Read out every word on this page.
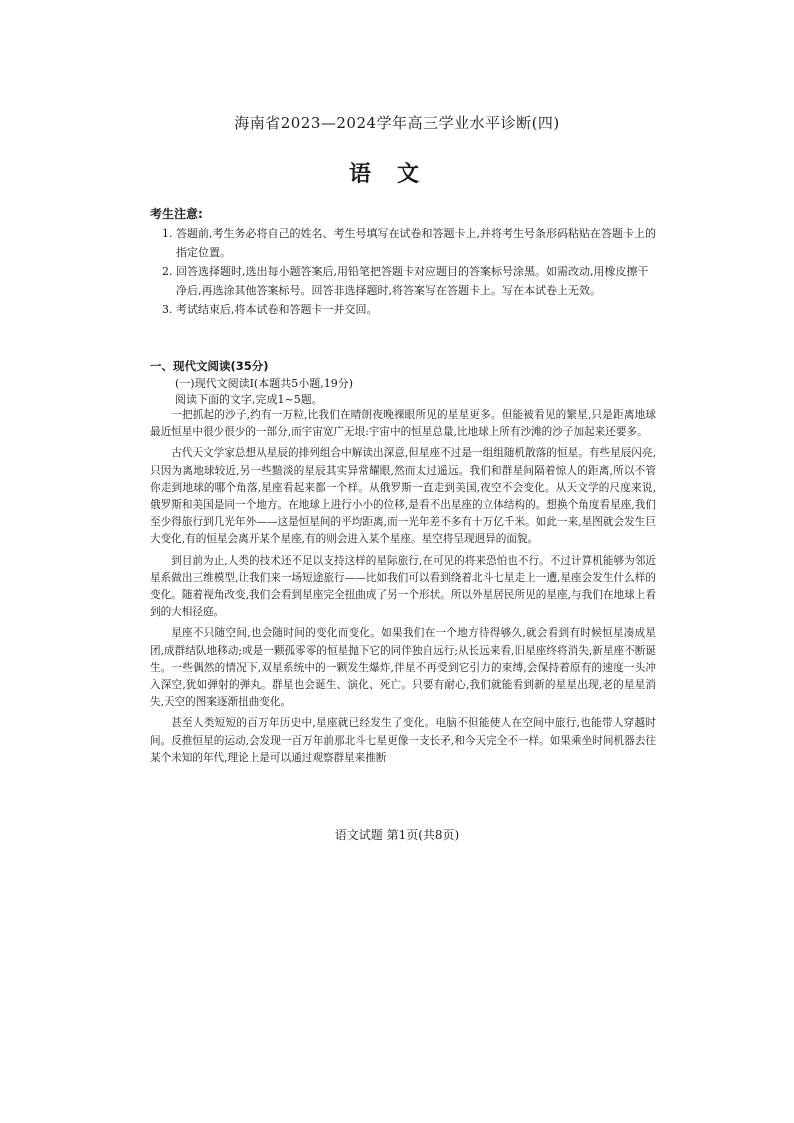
海南省2023—2024学年高三学业水平诊断(四)
语文
考生注意:
1. 答题前,考生务必将自己的姓名、考生号填写在试卷和答题卡上,并将考生号条形码粘贴在答题卡上的指定位置。
2. 回答选择题时,选出每小题答案后,用铅笔把答题卡对应题目的答案标号涂黑。如需改动,用橡皮擦干净后,再选涂其他答案标号。回答非选择题时,将答案写在答题卡上。写在本试卷上无效。
3. 考试结束后,将本试卷和答题卡一并交回。
一、现代文阅读(35分)
(一)现代文阅读Ⅰ(本题共5小题,19分)
阅读下面的文字,完成1~5题。

一把抓起的沙子,约有一万粒,比我们在晴朗夜晚裸眼所见的星星更多。但能被看见的繁星,只是距离地球最近恒星中很少很少的一部分,而宇宙宽广无垠:宇宙中的恒星总量,比地球上所有沙滩的沙子加起来还要多。

古代天文学家总想从星辰的排列组合中解读出深意,但星座不过是一组组随机散落的恒星。有些星辰闪亮,只因为离地球较近,另一些黯淡的星辰其实异常耀眼,然而太过遥远。我们和群星间隔着惊人的距离,所以不管你走到地球的哪个角落,星座看起来都一个样。从俄罗斯一直走到美国,夜空不会变化。从天文学的尺度来说,俄罗斯和美国是同一个地方。在地球上进行小小的位移,是看不出星座的立体结构的。想换个角度看星座,我们至少得旅行到几光年外——这是恒星间的平均距离,而一光年差不多有十万亿千米。如此一来,星图就会发生巨大变化,有的恒星会离开某个星座,有的则会进入某个星座。星空将呈现迥异的面貌。

到目前为止,人类的技术还不足以支持这样的星际旅行,在可见的将来恐怕也不行。不过计算机能够为邻近星系做出三维模型,让我们来一场短途旅行——比如我们可以看到绕着北斗七星走上一遭,星座会发生什么样的变化。随着视角改变,我们会看到星座完全扭曲成了另一个形状。所以外星居民所见的星座,与我们在地球上看到的大相径庭。

星座不只随空间,也会随时间的变化而变化。如果我们在一个地方待得够久,就会看到有时候恒星凑成星团,成群结队地移动;或是一颗孤零零的恒星抛下它的同伴独自远行;从长远来看,旧星座终将消失,新星座不断诞生。一些偶然的情况下,双星系统中的一颗发生爆炸,伴星不再受到它引力的束缚,会保持着原有的速度一头冲入深空,犹如弹射的弹丸。群星也会诞生、演化、死亡。只要有耐心,我们就能看到新的星星出现,老的星星消失,天空的图案逐渐扭曲变化。

甚至人类短短的百万年历史中,星座就已经发生了变化。电脑不但能使人在空间中旅行,也能带人穿越时间。反推恒星的运动,会发现一百万年前那北斗七星更像一支长矛,和今天完全不一样。如果乘坐时间机器去往某个未知的年代,理论上是可以通过观察群星来推断

语文试题 第1页(共8页)
